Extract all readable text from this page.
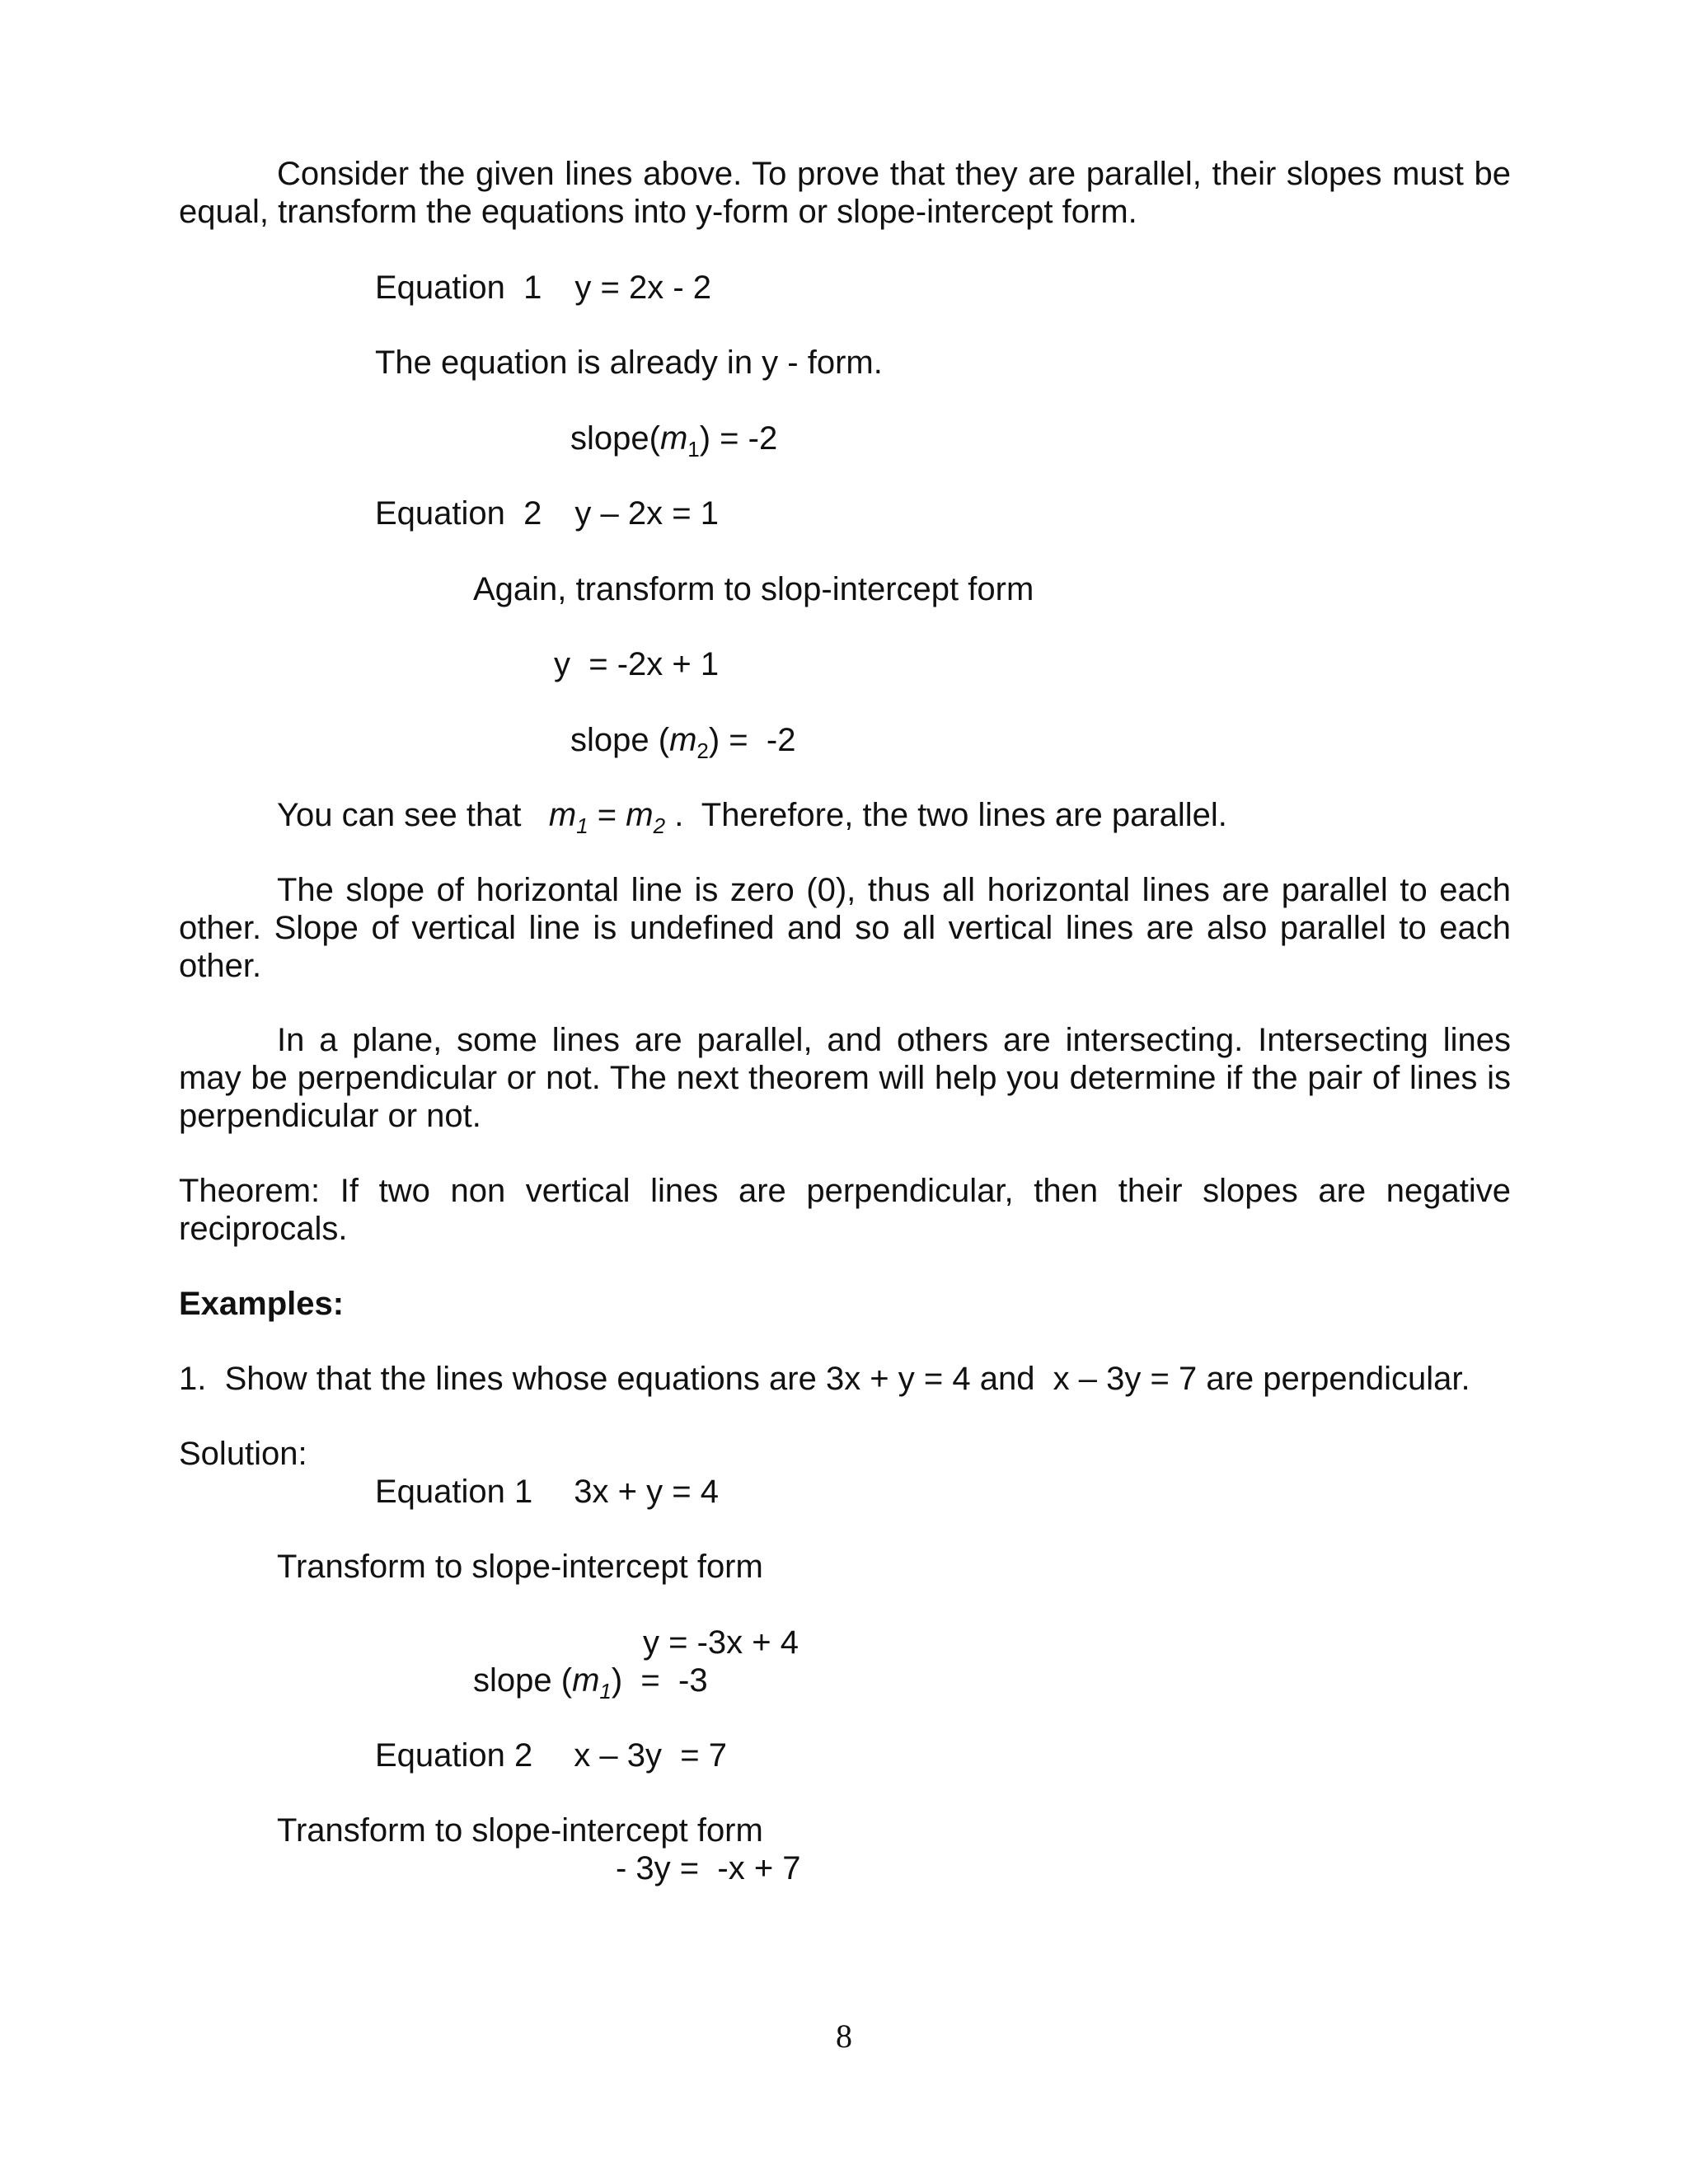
Consider the given lines above. To prove that they are parallel, their slopes must be equal, transform the equations into y-form or slope-intercept form.

Equation  1 y = 2x - 2
The equation is already in y - form.
$slope(m_1) = -2$
Equation  2 y – 2x = 1
Again, transform to slop-intercept form
y  = -2x + 1
slope $(m_2) = -2$
You can see that   $m_1 = m_2$ .  Therefore, the two lines are parallel.

The slope of horizontal line is zero (0), thus all horizontal lines are parallel to each other. Slope of vertical line is undefined and so all vertical lines are also parallel to each other.

In a plane, some lines are parallel, and others are intersecting. Intersecting lines may be perpendicular or not. The next theorem will help you determine if the pair of lines is perpendicular or not.

Theorem: If two non vertical lines are perpendicular, then their slopes are negative reciprocals.

Examples:
1.  Show that the lines whose equations are 3x + y = 4 and  x – 3y = 7 are perpendicular.
Solution:
Equation 1 3x + y = 4
Transform to slope-intercept form
y = -3x + 4
slope $(m_1) = -3$
Equation 2 x – 3y  = 7
Transform to slope-intercept form
- 3y =  -x + 7
8
